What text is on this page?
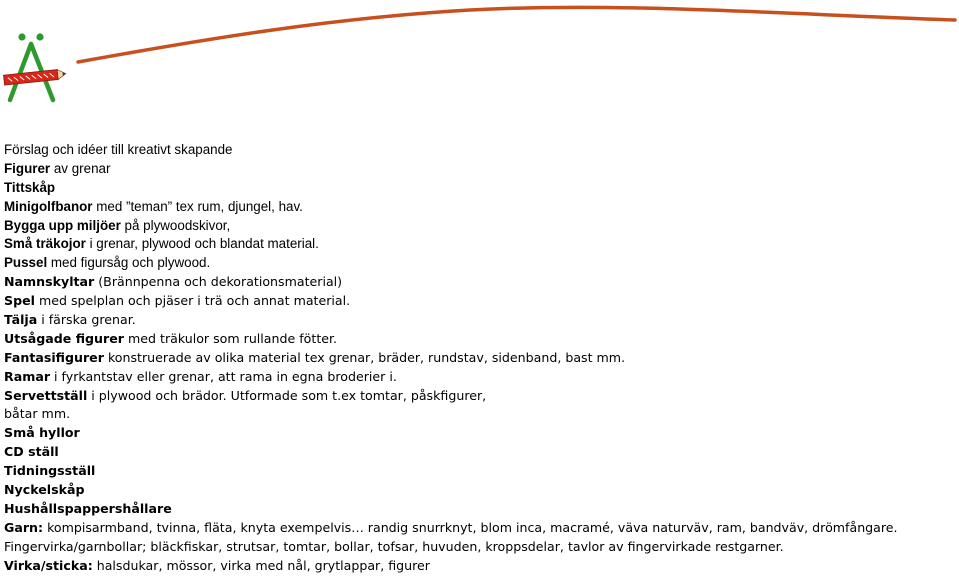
Förslag och idéer till kreativt skapande
Figurer av grenar
Tittskåp
Minigolfbanor med ”teman” tex rum, djungel, hav.
Bygga upp miljöer på plywoodskivor,
Små träkojor i grenar, plywood och blandat material.
Pussel med figursåg och plywood.
Namnskyltar (Brännpenna och dekorationsmaterial)
Spel med spelplan och pjäser i trä och annat material.
Tälja i färska grenar.
Utsågade figurer med träkulor som rullande fötter.
Fantasifigurer konstruerade av olika material tex grenar, bräder, rundstav, sidenband, bast mm.
Ramar i fyrkantstav eller grenar, att rama in egna broderier i.
Servettställ i plywood och brädor. Utformade som t.ex tomtar, påskfigurer,
båtar mm.
Små hyllor
CD ställ
Tidningsställ
Nyckelskåp
Hushållspappershållare
Garn: kompisarmband, tvinna, fläta, knyta exempelvis… randig snurrknyt, blom inca, macramé, väva naturväv, ram, bandväv, drömfångare.
Fingervirka/garnbollar; bläckfiskar, strutsar, tomtar, bollar, tofsar, huvuden, kroppsdelar, tavlor av fingervirkade restgarner.
Virka/sticka: halsdukar, mössor, virka med nål, grytlappar, figurer
